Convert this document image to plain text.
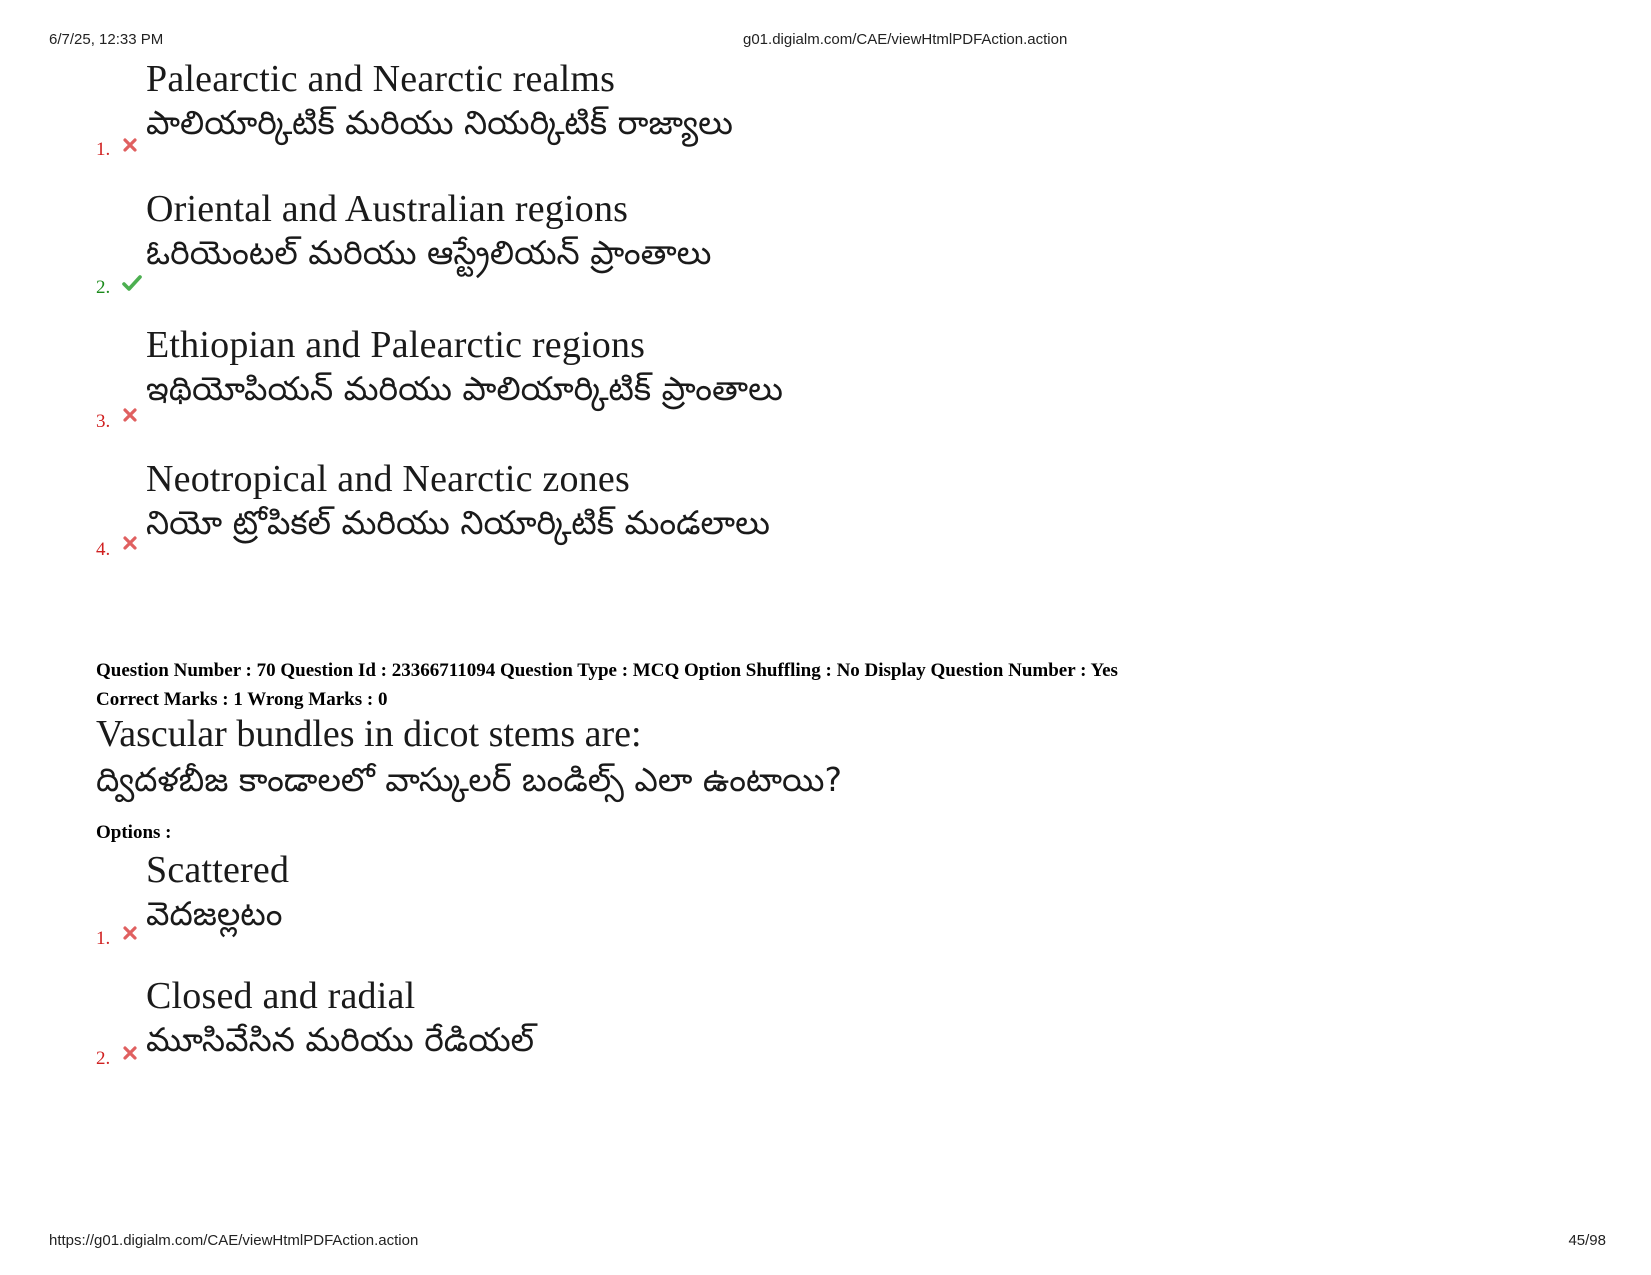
6/7/25, 12:33 PM	g01.digialm.com/CAE/viewHtmlPDFAction.action
Palearctic and Nearctic realms
పాలియార్కిటిక్ మరియు నియర్కిటిక్ రాజ్యాలు
1.
Oriental and Australian regions
ఓరియెంటల్ మరియు ఆస్ట్రేలియన్ ప్రాంతాలు
2.
Ethiopian and Palearctic regions
ఇథియోపియన్ మరియు పాలియార్కిటిక్ ప్రాంతాలు
3.
Neotropical and Nearctic zones
నియో ట్రోపికల్ మరియు నియార్కిటిక్ మండలాలు
4.
Question Number : 70 Question Id : 23366711094 Question Type : MCQ Option Shuffling : No Display Question Number : Yes
Correct Marks : 1 Wrong Marks : 0
Vascular bundles in dicot stems are:
ద్విదళబీజ కాండాలలో వాస్కులర్ బండిల్స్ ఎలా ఉంటాయి?
Options :
Scattered
వెదజల్లటం
1.
Closed and radial
మూసివేసిన మరియు రేడియల్
2.
https://g01.digialm.com/CAE/viewHtmlPDFAction.action	45/98
